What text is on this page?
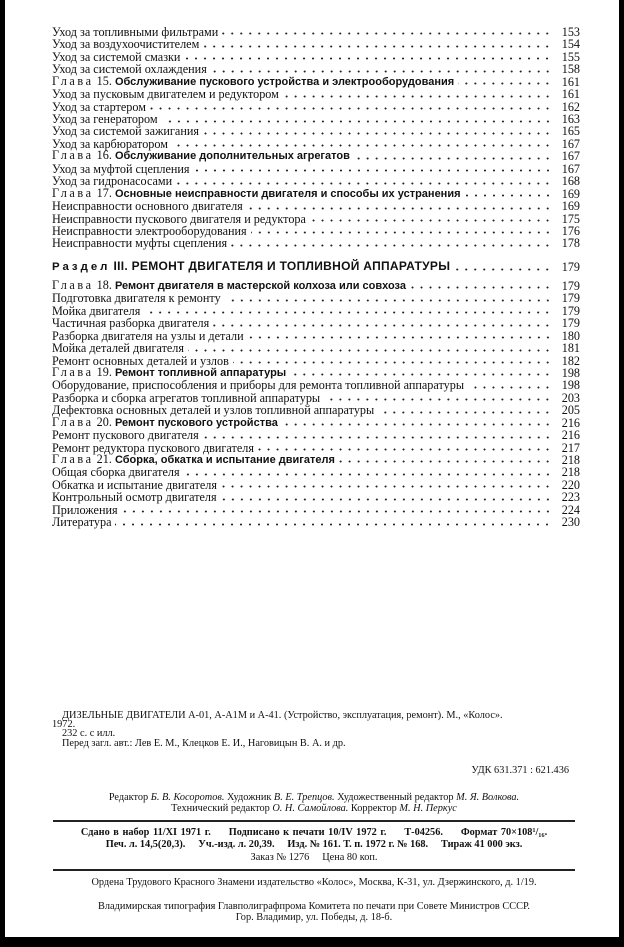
Уход за топливными фильтрами	153
Уход за воздухоочистителем	154
Уход за системой смазки	155
Уход за системой охлаждения	158
Глава 15. Обслуживание пускового устройства и электрооборудования	161
Уход за пусковым двигателем и редуктором	161
Уход за стартером	162
Уход за генератором	163
Уход за системой зажигания	165
Уход за карбюратором	167
Глава 16. Обслуживание дополнительных агрегатов	167
Уход за муфтой сцепления	167
Уход за гидронасосами	168
Глава 17. Основные неисправности двигателя и способы их устранения	169
Неисправности основного двигателя	169
Неисправности пускового двигателя и редуктора	175
Неисправности электрооборудования	176
Неисправности муфты сцепления	178
Раздел III. РЕМОНТ ДВИГАТЕЛЯ И ТОПЛИВНОЙ АППАРАТУРЫ	179
Глава 18. Ремонт двигателя в мастерской колхоза или совхоза	179
Подготовка двигателя к ремонту	179
Мойка двигателя	179
Частичная разборка двигателя	179
Разборка двигателя на узлы и детали	180
Мойка деталей двигателя	181
Ремонт основных деталей и узлов	182
Глава 19. Ремонт топливной аппаратуры	198
Оборудование, приспособления и приборы для ремонта топливной аппаратуры	198
Разборка и сборка агрегатов топливной аппаратуры	203
Дефектовка основных деталей и узлов топливной аппаратуры	205
Глава 20. Ремонт пускового устройства	216
Ремонт пускового двигателя	216
Ремонт редуктора пускового двигателя	217
Глава 21. Сборка, обкатка и испытание двигателя	218
Общая сборка двигателя	218
Обкатка и испытание двигателя	220
Контрольный осмотр двигателя	223
Приложения	224
Литература	230
ДИЗЕЛЬНЫЕ ДВИГАТЕЛИ А-01, А-А1М и А-41. (Устройство, эксплуатация, ремонт). М., «Колос».
1972.
232 с. с илл.
Перед загл. авт.: Лев Е. М., Клецков Е. И., Наговицын В. А. и др.
УДК 631.371 : 621.436
Редактор Б. В. Косоротов. Художник В. Е. Трепцов. Художественный редактор М. Я. Волкова.
Технический редактор О. Н. Самойлова. Корректор М. Н. Перкус
Сдано в набор 11/XI 1971 г. Подписано к печати 10/IV 1972 г. Т-04256. Формат 70×108¹/₁₆.
Печ. л. 14,5(20,3). Уч.-изд. л. 20,39. Изд. № 161. Т. п. 1972 г. № 168. Тираж 41 000 экз.
Заказ № 1276 Цена 80 коп.
Ордена Трудового Красного Знамени издательство «Колос», Москва, К-31, ул. Дзержинского, д. 1/19.
Владимирская типография Главполиграфпрома Комитета по печати при Совете Министров СССР.
Гор. Владимир, ул. Победы, д. 18-б.
